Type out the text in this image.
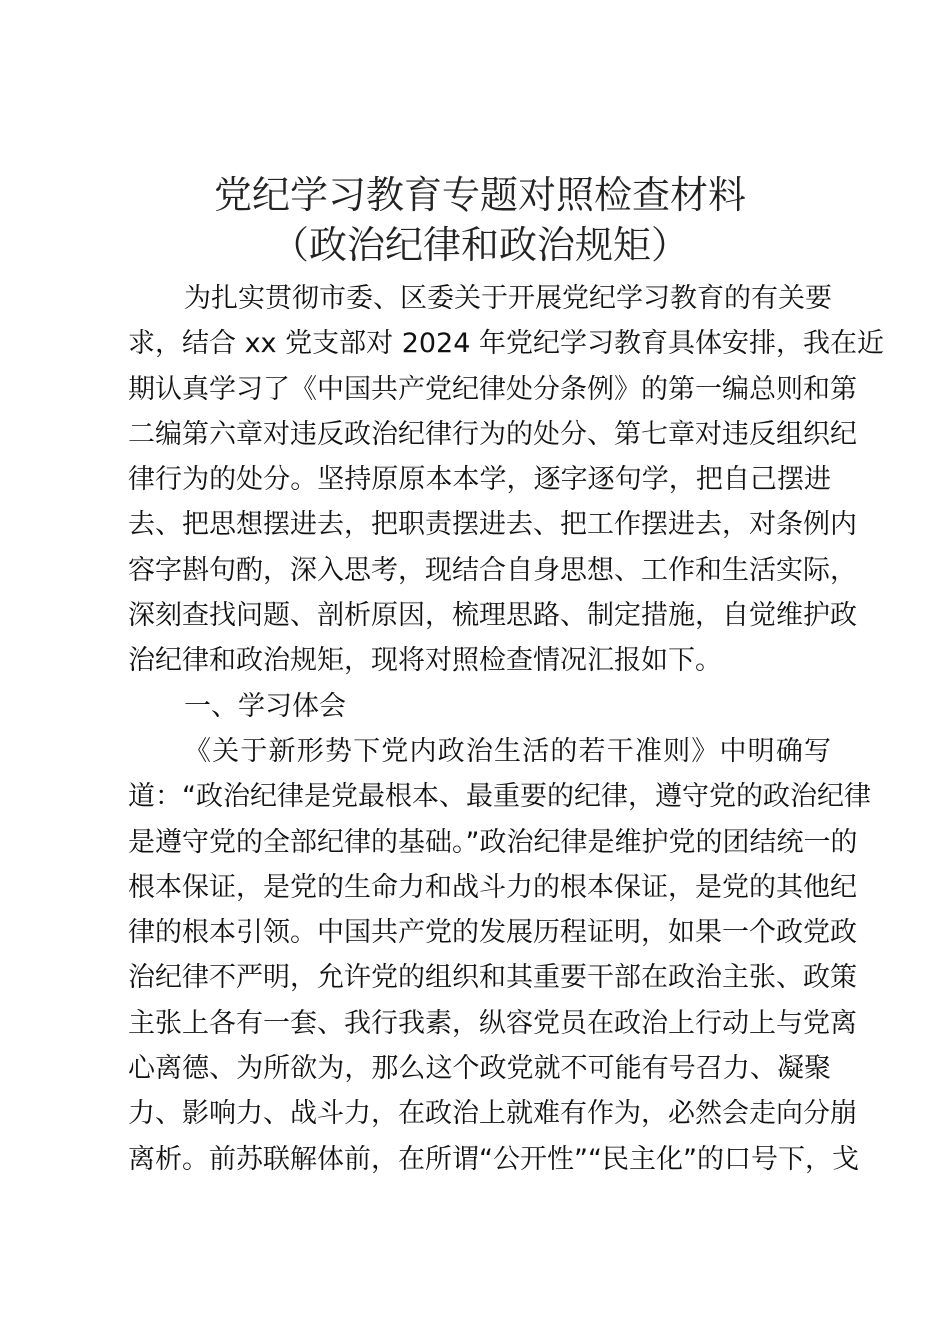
党纪学习教育专题对照检查材料
（政治纪律和政治规矩）
为扎实贯彻市委、区委关于开展党纪学习教育的有关要
求，结合 xx 党支部对 2024 年党纪学习教育具体安排，我在近
期认真学习了《中国共产党纪律处分条例》的第一编总则和第
二编第六章对违反政治纪律行为的处分、第七章对违反组织纪
律行为的处分。坚持原原本本学，逐字逐句学，把自己摆进
去、把思想摆进去，把职责摆进去、把工作摆进去，对条例内
容字斟句酌，深入思考，现结合自身思想、工作和生活实际，
深刻查找问题、剖析原因，梳理思路、制定措施，自觉维护政
治纪律和政治规矩，现将对照检查情况汇报如下。
一、学习体会
《关于新形势下党内政治生活的若干准则》中明确写
道：“政治纪律是党最根本、最重要的纪律，遵守党的政治纪律
是遵守党的全部纪律的基础。”政治纪律是维护党的团结统一的
根本保证，是党的生命力和战斗力的根本保证，是党的其他纪
律的根本引领。中国共产党的发展历程证明，如果一个政党政
治纪律不严明，允许党的组织和其重要干部在政治主张、政策
主张上各有一套、我行我素，纵容党员在政治上行动上与党离
心离德、为所欲为，那么这个政党就不可能有号召力、凝聚
力、影响力、战斗力，在政治上就难有作为，必然会走向分崩
离析。前苏联解体前，在所谓“公开性”“民主化”的口号下，戈
